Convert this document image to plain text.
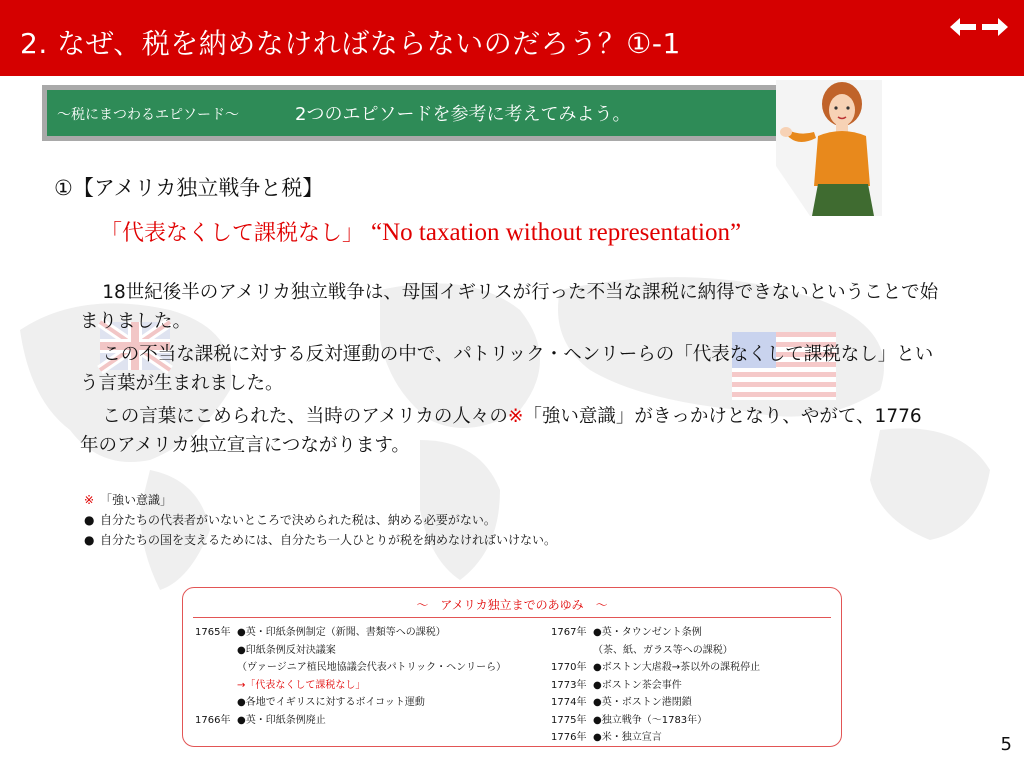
2. なぜ、税を納めなければならないのだろう？①-1
～税にまつわるエピソード～	2つのエピソードを参考に考えてみよう。
①【アメリカ独立戦争と税】
「代表なくして課税なし」 “No taxation without representation”

18世紀後半のアメリカ独立戦争は、母国イギリスが行った不当な課税に納得できないということで始まりました。

この不当な課税に対する反対運動の中で、パトリック・ヘンリーらの「代表なくして課税なし」という言葉が生まれました。

この言葉にこめられた、当時のアメリカの人々の※「強い意識」がきっかけとなり、やがて、1776年のアメリカ独立宣言につながります。

※ 「強い意識」
● 自分たちの代表者がいないところで決められた税は、納める必要がない。
● 自分たちの国を支えるためには、自分たち一人ひとりが税を納めなければいけない。
～　アメリカ独立までのあゆみ　～
1765年 ●英・印紙条例制定（新聞、書類等への課税）
●印紙条例反対決議案
（ヴァージニア植民地協議会代表パトリック・ヘンリーら）
→「代表なくして課税なし」
●各地でイギリスに対するボイコット運動
1766年 ●英・印紙条例廃止
1767年 ●英・タウンゼント条例
（茶、紙、ガラス等への課税）
1770年 ●ボストン大虐殺→茶以外の課税停止
1773年 ●ボストン茶会事件
1774年 ●英・ボストン港閉鎖
1775年 ●独立戦争（～1783年）
1776年 ●米・独立宣言	5
